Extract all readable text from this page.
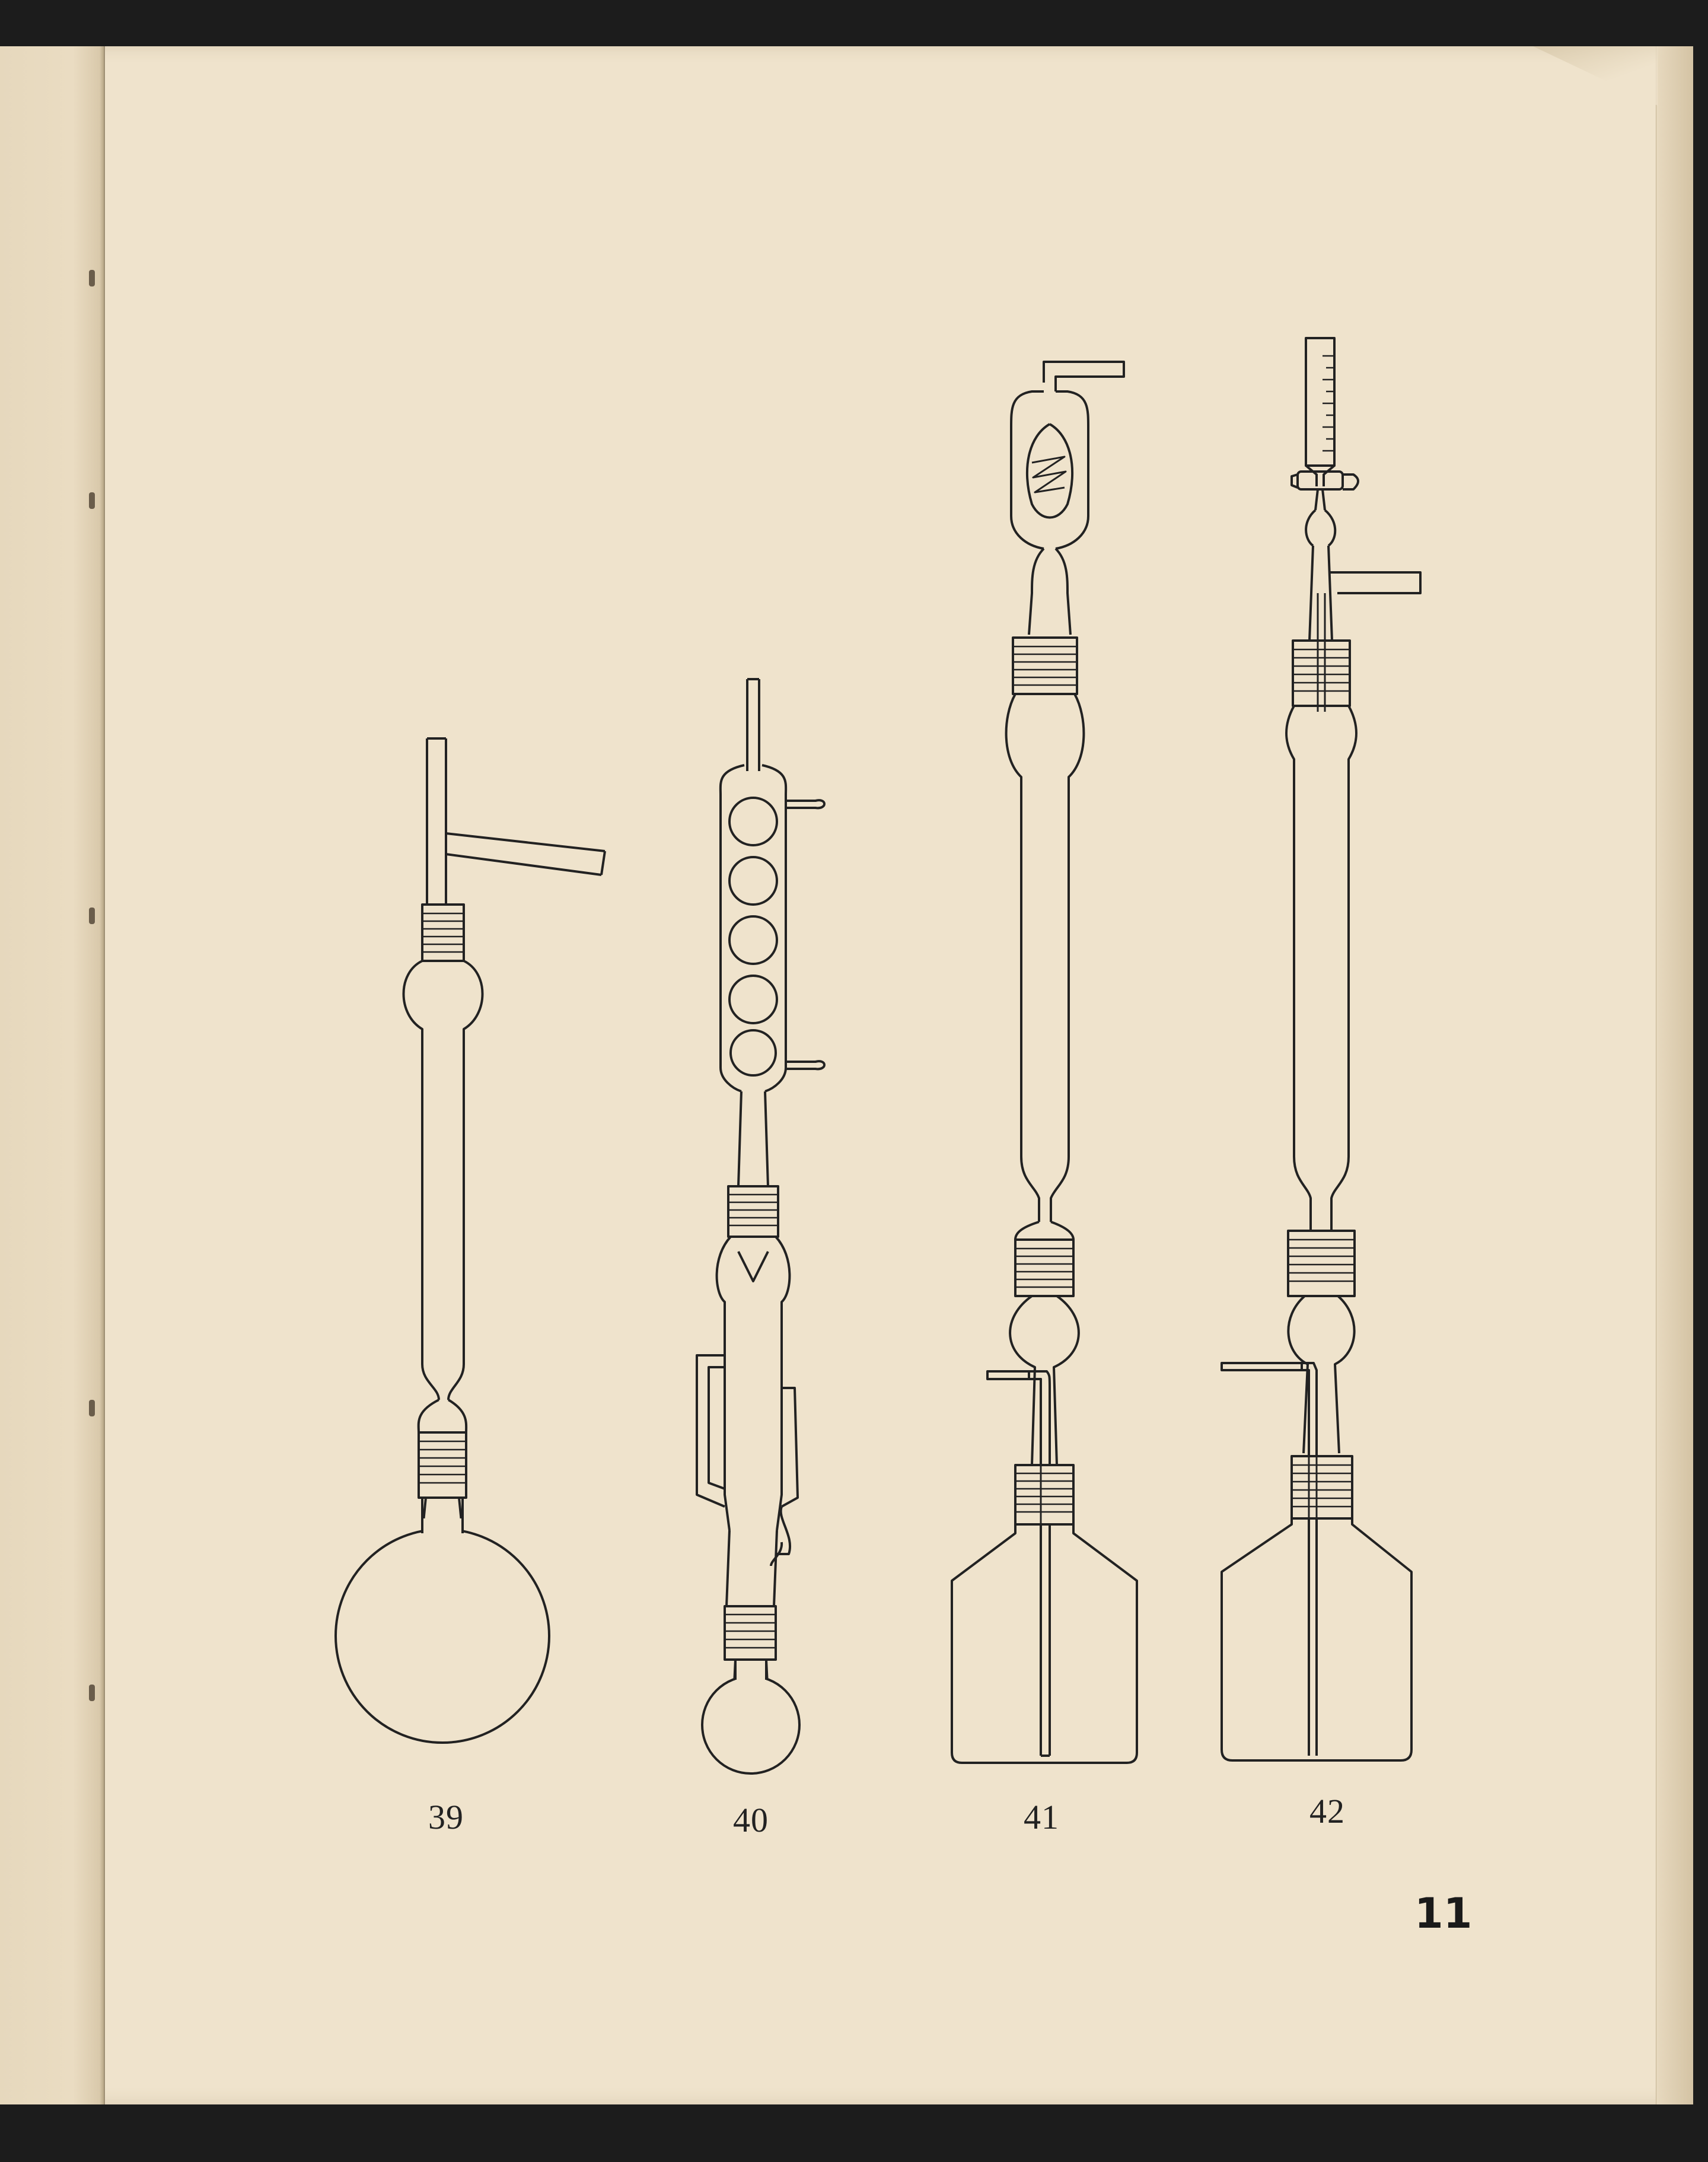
39	40	41	42
11
